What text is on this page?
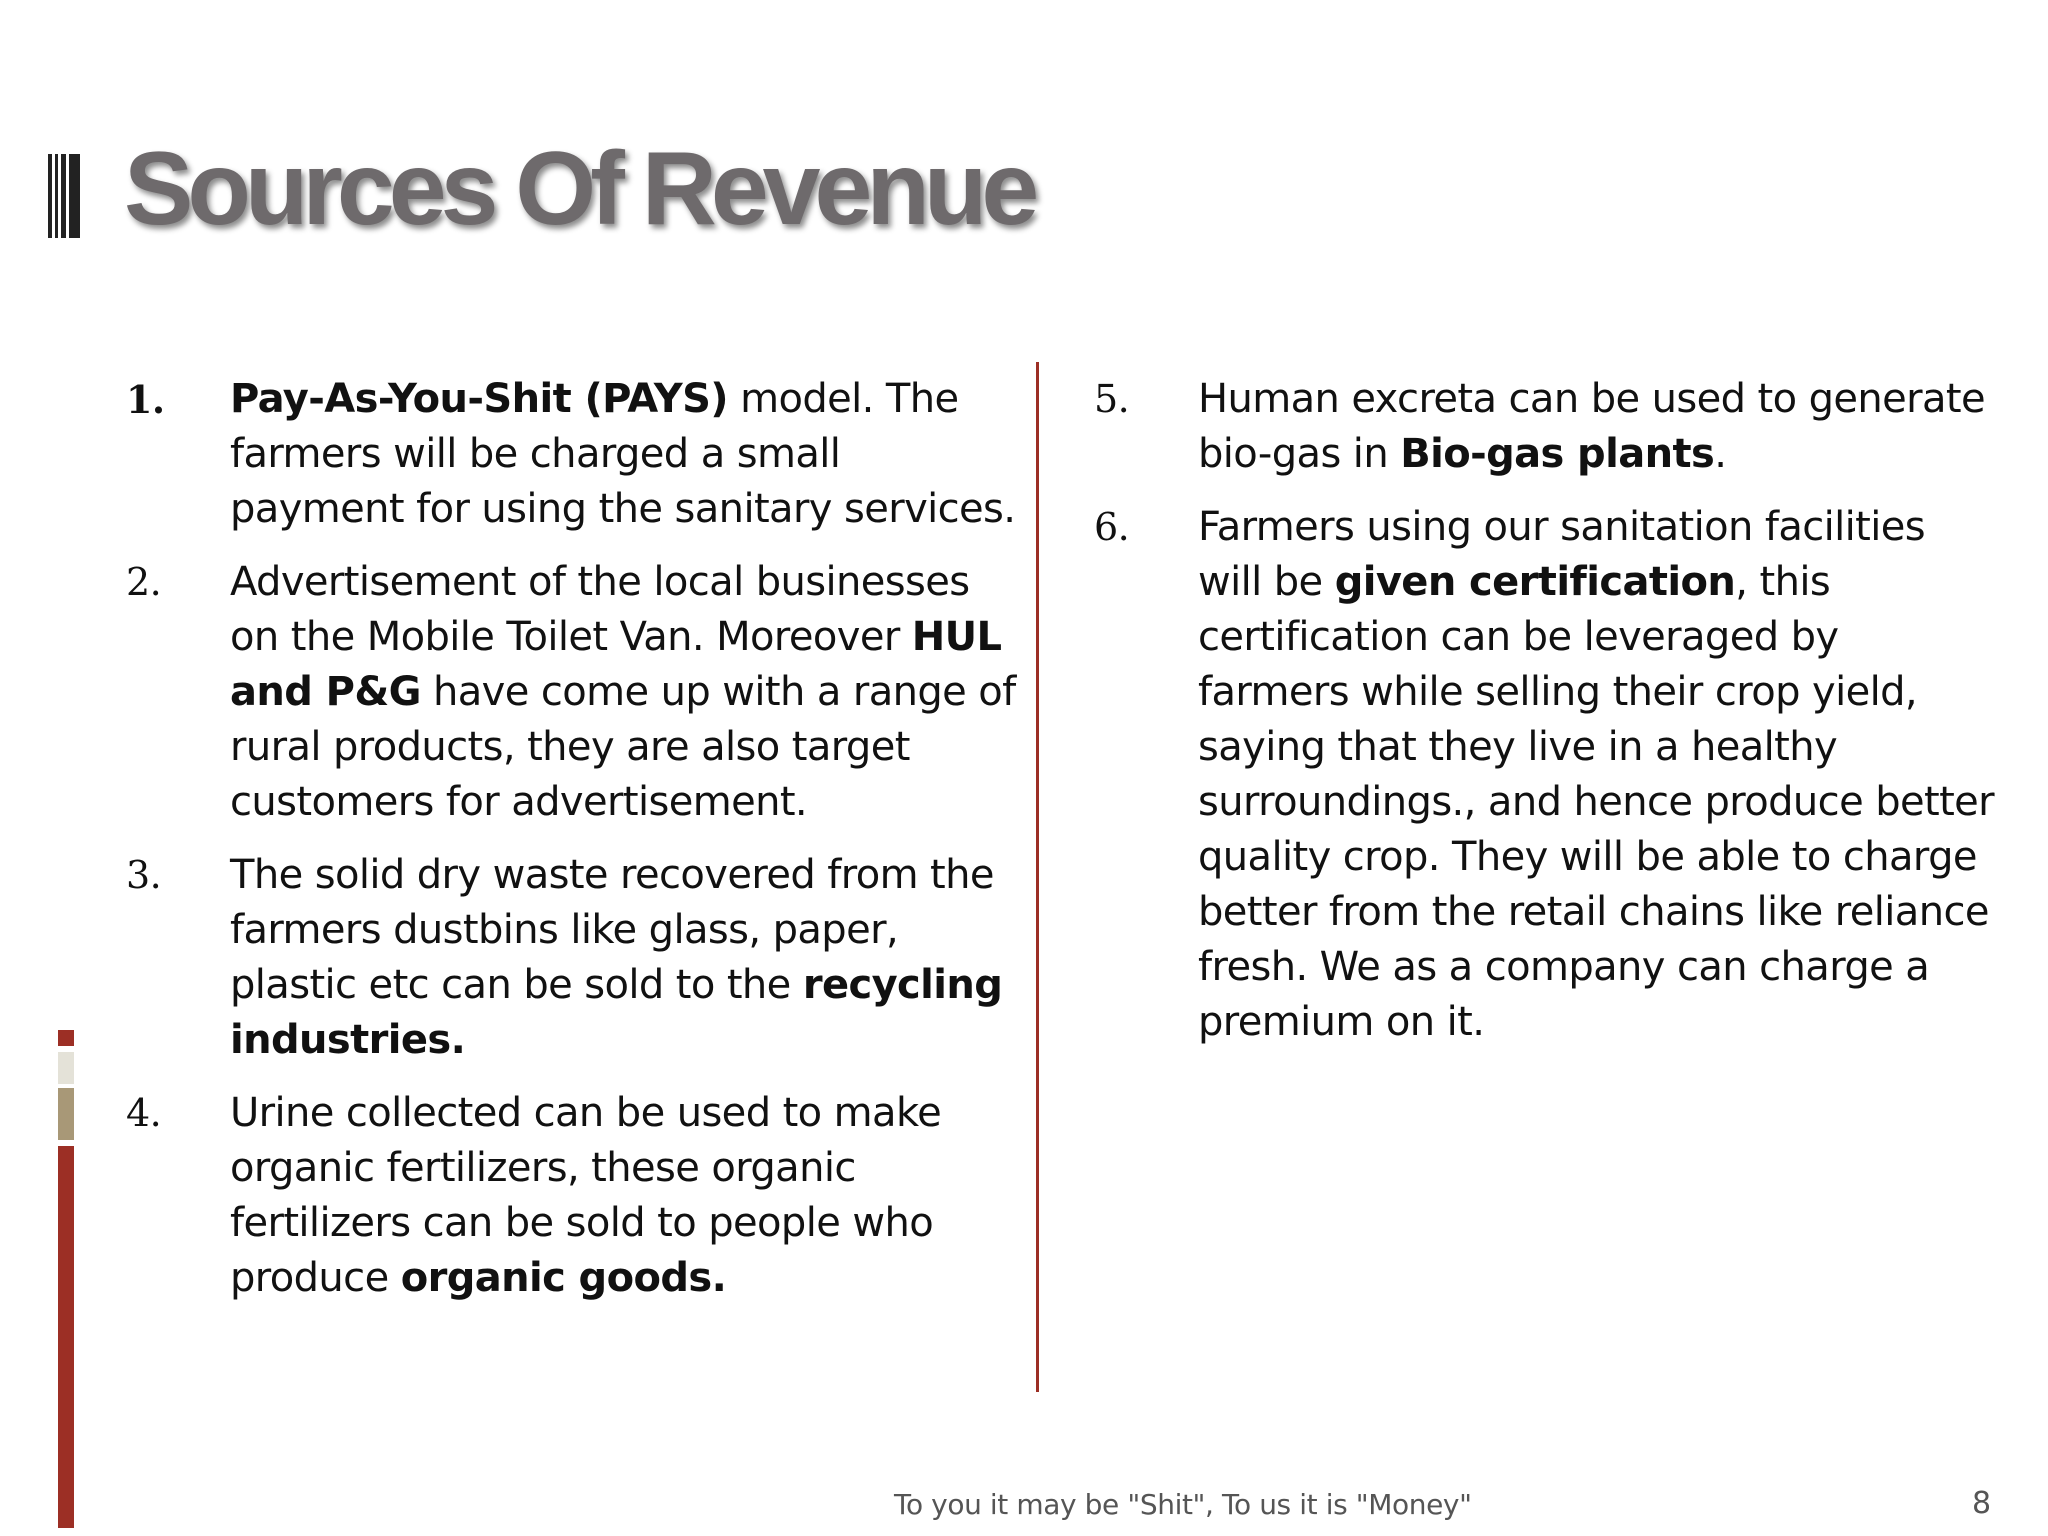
Sources Of Revenue
1.	Pay-As-You-Shit (PAYS) model. The farmers will be charged a small payment for using the sanitary services.
2.	Advertisement of the local businesses on the Mobile Toilet Van. Moreover HUL and P&G have come up with a range of rural products, they are also target customers for advertisement.
3.	The solid dry waste recovered from the farmers dustbins like glass, paper, plastic etc can be sold to the recycling industries.
4.	Urine collected can be used to make organic fertilizers, these organic fertilizers can be sold to people who produce organic goods.
5.	Human excreta can be used to generate bio-gas in Bio-gas plants.
6.	Farmers using our sanitation facilities will be given certification, this certification can be leveraged by farmers while selling their crop yield, saying that they live in a healthy surroundings., and hence produce better quality crop. They will be able to charge better from the retail chains like reliance fresh. We as a company can charge a premium on it.
To you it may be "Shit", To us it is "Money"	8
